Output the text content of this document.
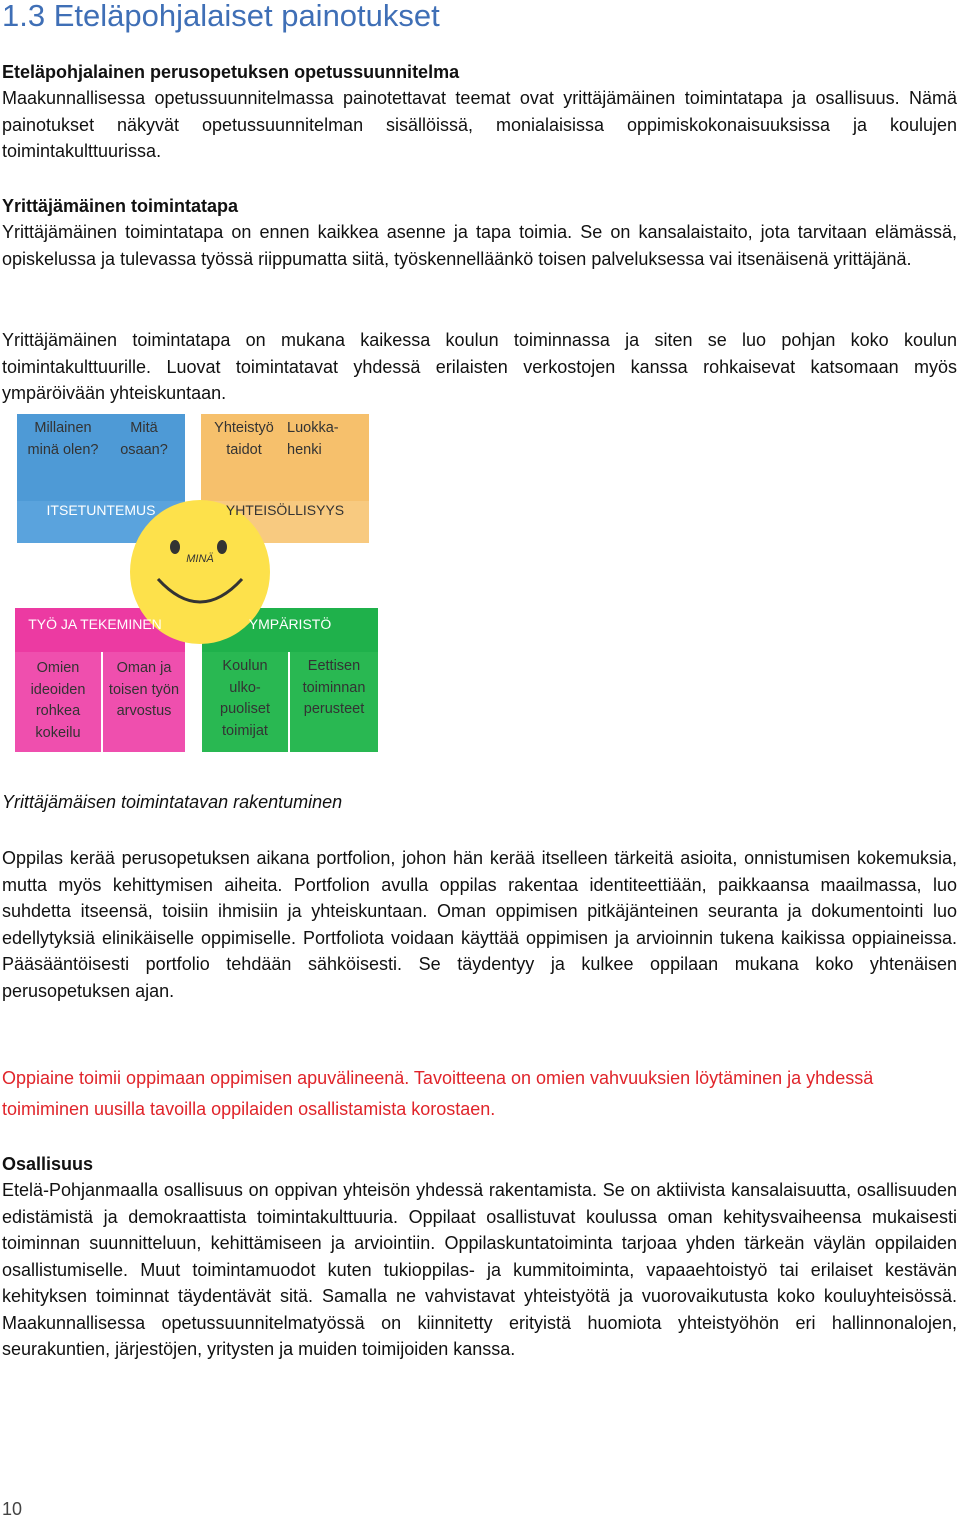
1.3 Eteläpohjalaiset painotukset
Eteläpohjalainen perusopetuksen opetussuunnitelma

Maakunnallisessa opetussuunnitelmassa painotettavat teemat ovat yrittäjämäinen toimintatapa ja osallisuus. Nämä painotukset näkyvät opetussuunnitelman sisällöissä, monialaisissa oppimiskokonaisuuksissa ja koulujen toimintakulttuurissa.

Yrittäjämäinen toimintatapa

Yrittäjämäinen toimintatapa on ennen kaikkea asenne ja tapa toimia. Se on kansalaistaito, jota tarvitaan elämässä, opiskelussa ja tulevassa työssä riippumatta siitä, työskennelläänkö toisen palveluksessa vai itsenäisenä yrittäjänä.

Yrittäjämäinen toimintatapa on mukana kaikessa koulun toiminnassa ja siten se luo pohjan koko koulun toimintakulttuurille. Luovat toimintatavat yhdessä erilaisten verkostojen kanssa rohkaisevat katsomaan myös ympäröivään yhteiskuntaan.

MINÄ
Millainen minä olen?
Mitä osaan?
ITSETUNTEMUS
Yhteistyö taidot
Luokka-henki
YHTEISÖLLISYYS
TYÖ JA TEKEMINEN
Omien ideoiden rohkea kokeilu
Oman ja toisen työn arvostus
YMPÄRISTÖ
Koulun ulko-puoliset toimijat
Eettisen toiminnan perusteet
Yrittäjämäisen toimintatavan rakentuminen

Oppilas kerää perusopetuksen aikana portfolion, johon hän kerää itselleen tärkeitä asioita, onnistumisen kokemuksia, mutta myös kehittymisen aiheita. Portfolion avulla oppilas rakentaa identiteettiään, paikkaansa maailmassa, luo suhdetta itseensä, toisiin ihmisiin ja yhteiskuntaan. Oman oppimisen pitkäjänteinen seuranta ja dokumentointi luo edellytyksiä elinikäiselle oppimiselle. Portfoliota voidaan käyttää oppimisen ja arvioinnin tukena kaikissa oppiaineissa. Pääsääntöisesti portfolio tehdään sähköisesti. Se täydentyy ja kulkee oppilaan mukana koko yhtenäisen perusopetuksen ajan.

Oppiaine toimii oppimaan oppimisen apuvälineenä. Tavoitteena on omien vahvuuksien löytäminen ja yhdessä toimiminen uusilla tavoilla oppilaiden osallistamista korostaen.

Osallisuus

Etelä-Pohjanmaalla osallisuus on oppivan yhteisön yhdessä rakentamista. Se on aktiivista kansalaisuutta, osallisuuden edistämistä ja demokraattista toimintakulttuuria. Oppilaat osallistuvat koulussa oman kehitysvaiheensa mukaisesti toiminnan suunnitteluun, kehittämiseen ja arviointiin. Oppilaskuntatoiminta tarjoaa yhden tärkeän väylän oppilaiden osallistumiselle. Muut toimintamuodot kuten tukioppilas- ja kummitoiminta, vapaaehtoistyö tai erilaiset kestävän kehityksen toiminnat täydentävät sitä. Samalla ne vahvistavat yhteistyötä ja vuorovaikutusta koko kouluyhteisössä. Maakunnallisessa opetussuunnitelmatyössä on kiinnitetty erityistä huomiota yhteistyöhön eri hallinnonalojen, seurakuntien, järjestöjen, yritysten ja muiden toimijoiden kanssa.

10
